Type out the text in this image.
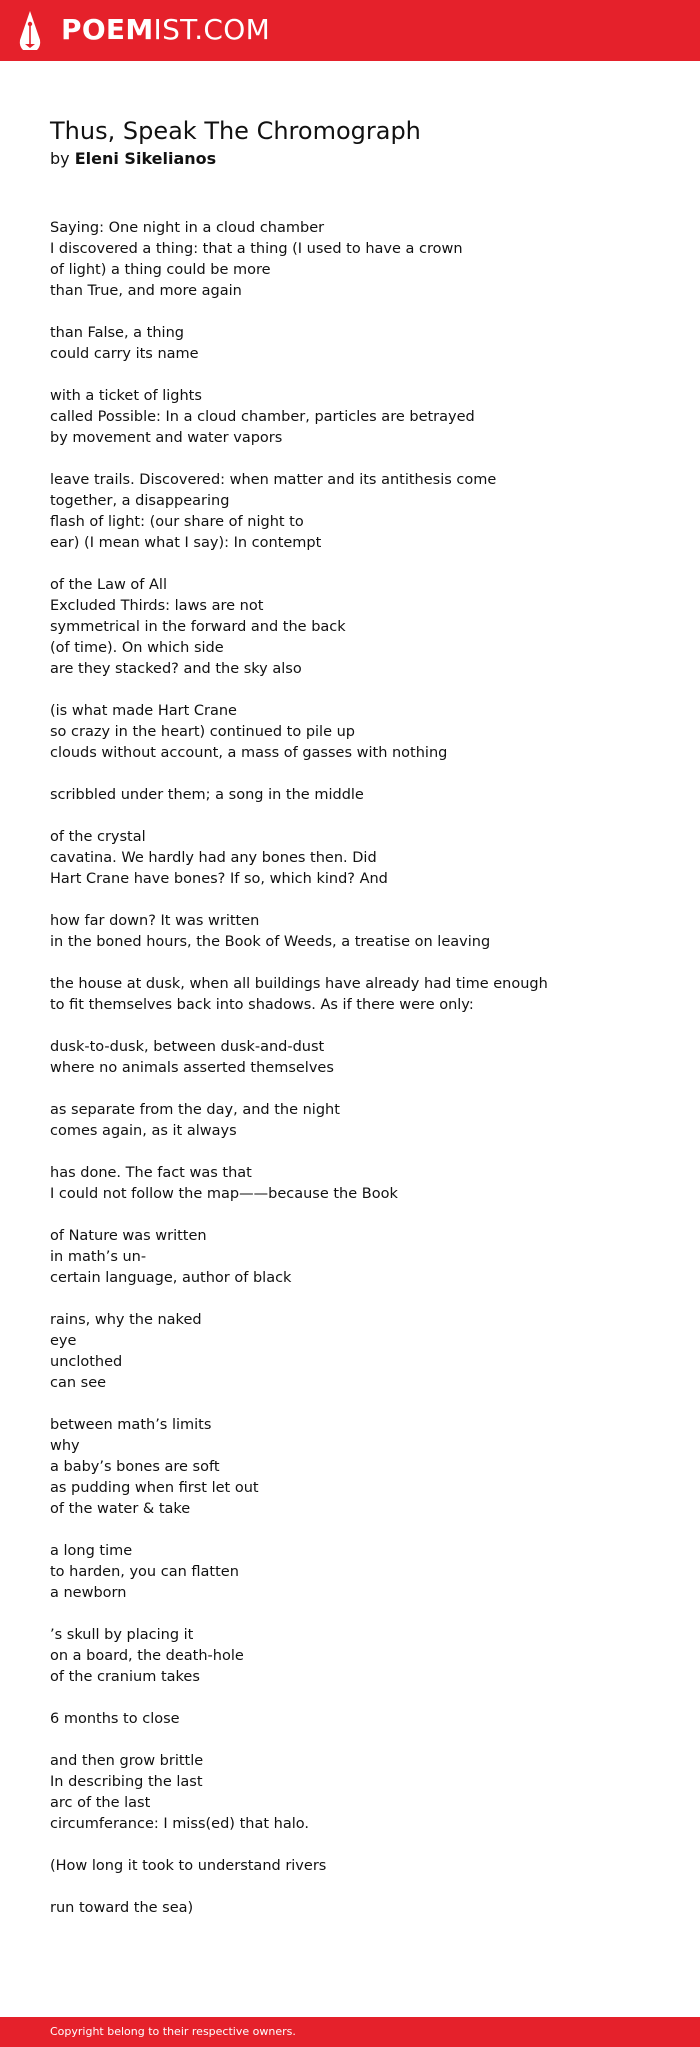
POEMIST.COM
Thus, Speak The Chromograph
by Eleni Sikelianos
Saying: One night in a cloud chamber
I discovered a thing: that a thing (I used to have a crown
of light) a thing could be more
than True, and more again
than False, a thing
could carry its name
with a ticket of lights
called Possible: In a cloud chamber, particles are betrayed
by movement and water vapors
leave trails. Discovered: when matter and its antithesis come
together, a disappearing
flash of light: (our share of night to
ear) (I mean what I say): In contempt
of the Law of All
Excluded Thirds: laws are not
symmetrical in the forward and the back
(of time). On which side
are they stacked? and the sky also
(is what made Hart Crane
so crazy in the heart) continued to pile up
clouds without account, a mass of gasses with nothing
scribbled under them; a song in the middle
of the crystal
cavatina. We hardly had any bones then. Did
Hart Crane have bones? If so, which kind? And
how far down? It was written
in the boned hours, the Book of Weeds, a treatise on leaving
the house at dusk, when all buildings have already had time enough
to fit themselves back into shadows. As if there were only:
dusk-to-dusk, between dusk-and-dust
where no animals asserted themselves
as separate from the day, and the night
comes again, as it always
has done. The fact was that
I could not follow the map——because the Book
of Nature was written
in math’s un-
certain language, author of black
rains, why the naked
eye
unclothed
can see
between math’s limits
why
a baby’s bones are soft
as pudding when first let out
of the water & take
a long time
to harden, you can flatten
a newborn
’s skull by placing it
on a board, the death-hole
of the cranium takes
6 months to close
and then grow brittle
In describing the last
arc of the last
circumferance: I miss(ed) that halo.
(How long it took to understand rivers
run toward the sea)
Copyright belong to their respective owners.
